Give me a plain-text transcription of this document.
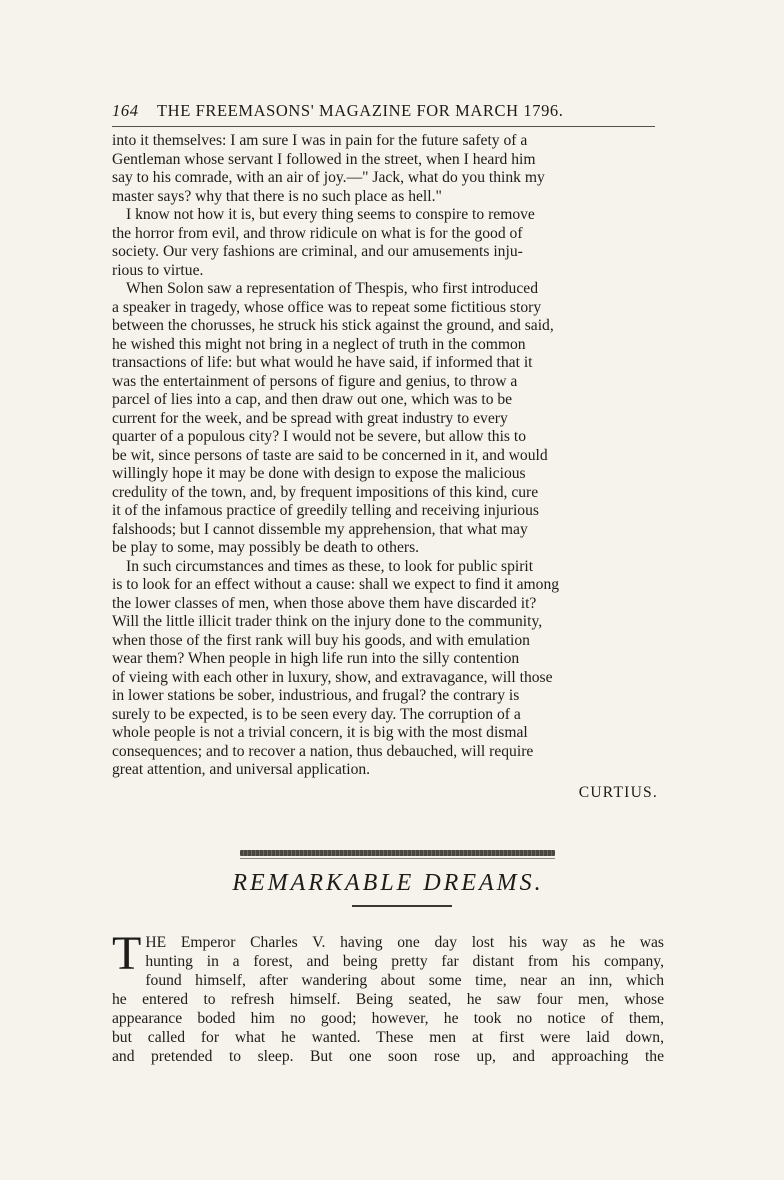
164 THE FREEMASONS' MAGAZINE FOR MARCH 1796.

into it themselves: I am sure I was in pain for the future safety of a
Gentleman whose servant I followed in the street, when I heard him
say to his comrade, with an air of joy.—" Jack, what do you think my
master says? why that there is no such place as hell."

I know not how it is, but every thing seems to conspire to remove
the horror from evil, and throw ridicule on what is for the good of
society. Our very fashions are criminal, and our amusements inju-
rious to virtue.

When Solon saw a representation of Thespis, who first introduced
a speaker in tragedy, whose office was to repeat some fictitious story
between the chorusses, he struck his stick against the ground, and said,
he wished this might not bring in a neglect of truth in the common
transactions of life: but what would he have said, if informed that it
was the entertainment of persons of figure and genius, to throw a
parcel of lies into a cap, and then draw out one, which was to be
current for the week, and be spread with great industry to every
quarter of a populous city? I would not be severe, but allow this to
be wit, since persons of taste are said to be concerned in it, and would
willingly hope it may be done with design to expose the malicious
credulity of the town, and, by frequent impositions of this kind, cure
it of the infamous practice of greedily telling and receiving injurious
falshoods; but I cannot dissemble my apprehension, that what may
be play to some, may possibly be death to others.

In such circumstances and times as these, to look for public spirit
is to look for an effect without a cause: shall we expect to find it among
the lower classes of men, when those above them have discarded it?
Will the little illicit trader think on the injury done to the community,
when those of the first rank will buy his goods, and with emulation
wear them? When people in high life run into the silly contention
of vieing with each other in luxury, show, and extravagance, will those
in lower stations be sober, industrious, and frugal? the contrary is
surely to be expected, is to be seen every day. The corruption of a
whole people is not a trivial concern, it is big with the most dismal
consequences; and to recover a nation, thus debauched, will require
great attention, and universal application.

CURTIUS.

REMARKABLE DREAMS.

T HE Emperor Charles V. having one day lost his way as he was
hunting in a forest, and being pretty far distant from his company,
found himself, after wandering about some time, near an inn, which
he entered to refresh himself. Being seated, he saw four men, whose
appearance boded him no good; however, he took no notice of them,
but called for what he wanted. These men at first were laid down,
and pretended to sleep. But one soon rose up, and approaching the
